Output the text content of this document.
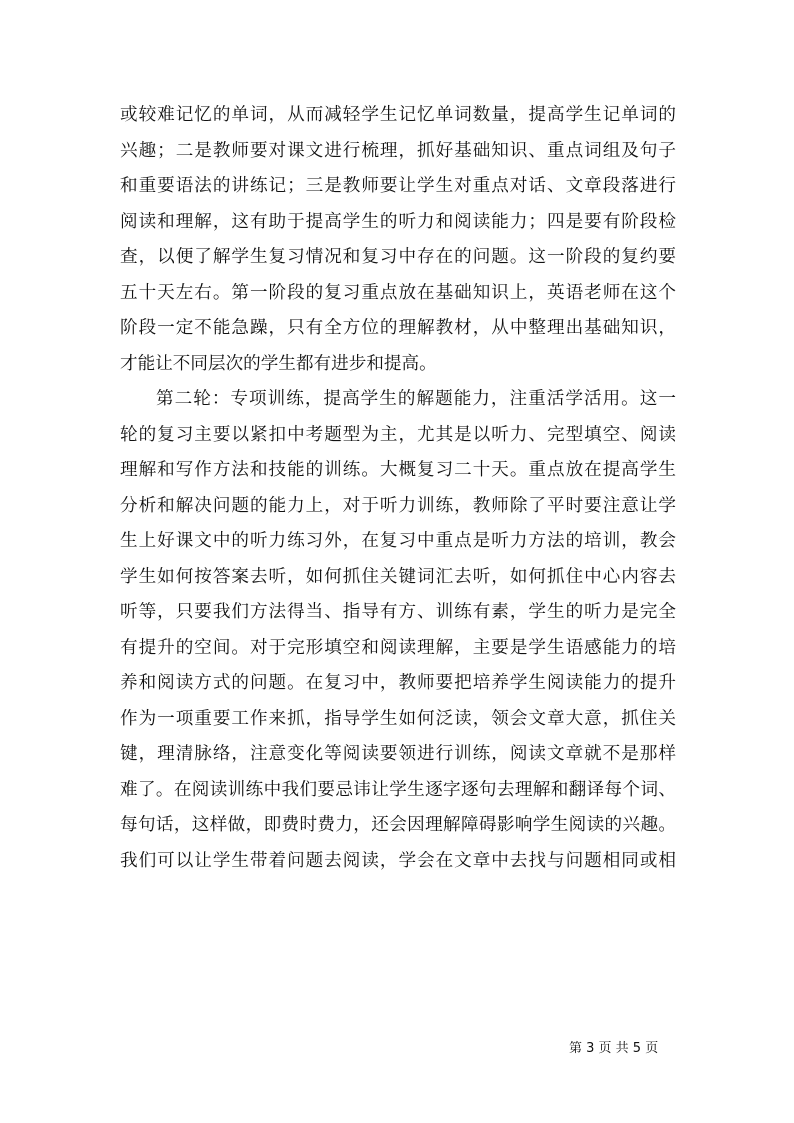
或较难记忆的单词，从而减轻学生记忆单词数量，提高学生记单词的
兴趣；二是教师要对课文进行梳理，抓好基础知识、重点词组及句子
和重要语法的讲练记；三是教师要让学生对重点对话、文章段落进行
阅读和理解，这有助于提高学生的听力和阅读能力；四是要有阶段检
查，以便了解学生复习情况和复习中存在的问题。这一阶段的复约要
五十天左右。第一阶段的复习重点放在基础知识上，英语老师在这个
阶段一定不能急躁，只有全方位的理解教材，从中整理出基础知识，
才能让不同层次的学生都有进步和提高。
第二轮：专项训练，提高学生的解题能力，注重活学活用。这一
轮的复习主要以紧扣中考题型为主，尤其是以听力、完型填空、阅读
理解和写作方法和技能的训练。大概复习二十天。重点放在提高学生
分析和解决问题的能力上，对于听力训练，教师除了平时要注意让学
生上好课文中的听力练习外，在复习中重点是听力方法的培训，教会
学生如何按答案去听，如何抓住关键词汇去听，如何抓住中心内容去
听等，只要我们方法得当、指导有方、训练有素，学生的听力是完全
有提升的空间。对于完形填空和阅读理解，主要是学生语感能力的培
养和阅读方式的问题。在复习中，教师要把培养学生阅读能力的提升
作为一项重要工作来抓，指导学生如何泛读，领会文章大意，抓住关
键，理清脉络，注意变化等阅读要领进行训练，阅读文章就不是那样
难了。在阅读训练中我们要忌讳让学生逐字逐句去理解和翻译每个词、
每句话，这样做，即费时费力，还会因理解障碍影响学生阅读的兴趣。
我们可以让学生带着问题去阅读，学会在文章中去找与问题相同或相
第 3 页 共 5 页
